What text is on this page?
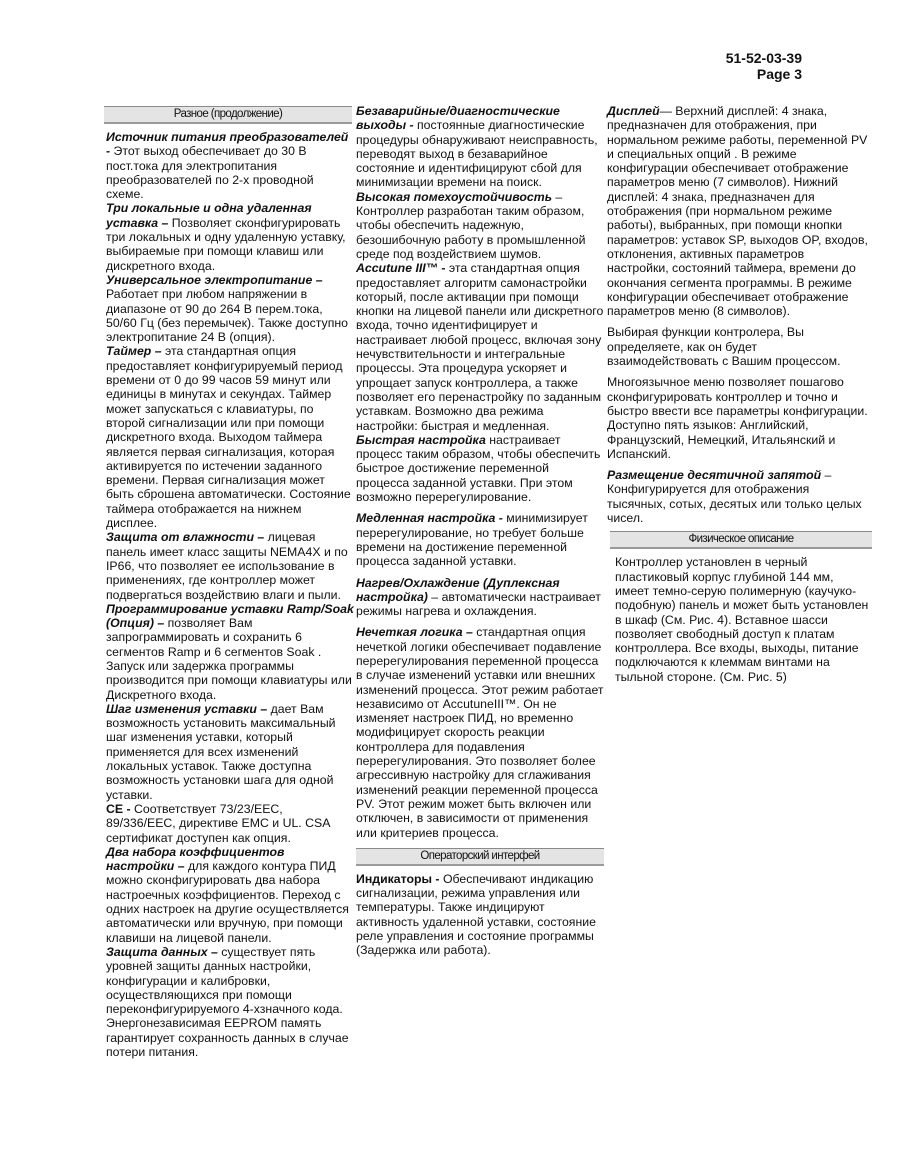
51-52-03-39
Page 3
Разное (продолжение)

Источник питания преобразователей - Этот выход обеспечивает до 30 В пост.тока для электропитания преобразователей по 2-х проводной схеме.

Три локальные и одна удаленная уставка – Позволяет сконфигурировать три локальных и одну удаленную уставку, выбираемые при помощи клавиш или дискретного входа.

Универсальное электропитание – Работает при любом напряжении в диапазоне от 90 до 264 В перем.тока, 50/60 Гц (без перемычек). Также доступно электропитание 24 В (опция).

Таймер – эта стандартная опция предоставляет конфигурируемый период времени от 0 до 99 часов 59 минут или единицы в минутах и секундах. Таймер может запускаться с клавиатуры, по второй сигнализации или при помощи дискретного входа. Выходом таймера является первая сигнализация, которая активируется по истечении заданного времени. Первая сигнализация может быть сброшена автоматически. Состояние таймера отображается на нижнем дисплее.

Защита от влажности – лицевая панель имеет класс защиты NEMA4X и по IP66, что позволяет ее использование в применениях, где контроллер может подвергаться воздействию влаги и пыли.

Программирование уставки Ramp/Soak (Опция) – позволяет Вам запрограммировать и сохранить 6 сегментов Ramp и 6 сегментов Soak . Запуск или задержка программы производится при помощи клавиатуры или Дискретного входа.

Шаг изменения уставки – дает Вам возможность установить максимальный шаг изменения уставки, который применяется для всех изменений локальных уставок. Также доступна возможность установки шага для одной уставки.

CE - Соответствует 73/23/EEC, 89/336/EEC, директиве EMC и UL. CSA сертификат доступен как опция.

Два набора коэффициентов настройки – для каждого контура ПИД можно сконфигурировать два набора настроечных коэффициентов. Переход с одних настроек на другие осуществляется автоматически или вручную, при помощи клавиши на лицевой панели.

Защита данных – существует пять уровней защиты данных настройки, конфигурации и калибровки, осуществляющихся при помощи переконфигурируемого 4-хзначного кода. Энергонезависимая EEPROM память гарантирует сохранность данных в случае потери питания.

Безаварийные/диагностические выходы - постоянные диагностические процедуры обнаруживают неисправность, переводят выход в безаварийное состояние и идентифицируют сбой для минимизации времени на поиск.

Высокая помехоустойчивость – Контроллер разработан таким образом, чтобы обеспечить надежную, безошибочную работу в промышленной среде под воздействием шумов.

Accutune III™ - эта стандартная опция предоставляет алгоритм самонастройки который, после активации при помощи кнопки на лицевой панели или дискретного входа, точно идентифицирует и настраивает любой процесс, включая зону нечувствительности и интегральные процессы. Эта процедура ускоряет и упрощает запуск контроллера, а также позволяет его перенастройку по заданным уставкам. Возможно два режима настройки: быстрая и медленная.

Быстрая настройка настраивает процесс таким образом, чтобы обеспечить быстрое достижение переменной процесса заданной уставки. При этом возможно перерегулирование.

Медленная настройка - минимизирует перерегулирование, но требует больше времени на достижение переменной процесса заданной уставки.

Нагрев/Охлаждение (Дуплексная настройка) – автоматически настраивает режимы нагрева и охлаждения.

Нечеткая логика – стандартная опция нечеткой логики обеспечивает подавление перерегулирования переменной процесса в случае изменений уставки или внешних изменений процесса. Этот режим работает независимо от AccutuneIII™. Он не изменяет настроек ПИД, но временно модифицирует скорость реакции контроллера для подавления перерегулирования. Это позволяет более агрессивную настройку для сглаживания изменений реакции переменной процесса PV. Этот режим может быть включен или отключен, в зависимости от применения или критериев процесса.

Операторский интерфей

Индикаторы - Обеспечивают индикацию сигнализации, режима управления или температуры. Также индицируют активность удаленной уставки, состояние реле управления и состояние программы (Задержка или работа).

Дисплей— Верхний дисплей: 4 знака, предназначен для отображения, при нормальном режиме работы, переменной PV и специальных опций . В режиме конфигурации обеспечивает отображение параметров меню (7 символов). Нижний дисплей: 4 знака, предназначен для отображения (при нормальном режиме работы), выбранных, при помощи кнопки параметров: уставок SP, выходов OP, входов, отклонения, активных параметров настройки, состояний таймера, времени до окончания сегмента программы. В режиме конфигурации обеспечивает отображение параметров меню (8 символов).

Выбирая функции контролера, Вы определяете, как он будет взаимодействовать с Вашим процессом.

Многоязычное меню позволяет пошагово сконфигурировать контроллер и точно и быстро ввести все параметры конфигурации. Доступно пять языков: Английский, Французский, Немецкий, Итальянский и Испанский.

Размещение десятичной запятой – Конфигурируется для отображения тысячных, сотых, десятых или только целых чисел.

Физическое описание

Контроллер установлен в черный пластиковый корпус глубиной 144 мм, имеет темно-серую полимерную (каучуко-подобную) панель и может быть установлен в шкаф (См. Рис. 4). Вставное шасси позволяет свободный доступ к платам контроллера. Все входы, выходы, питание подключаются к клеммам винтами на тыльной стороне. (См. Рис. 5)
